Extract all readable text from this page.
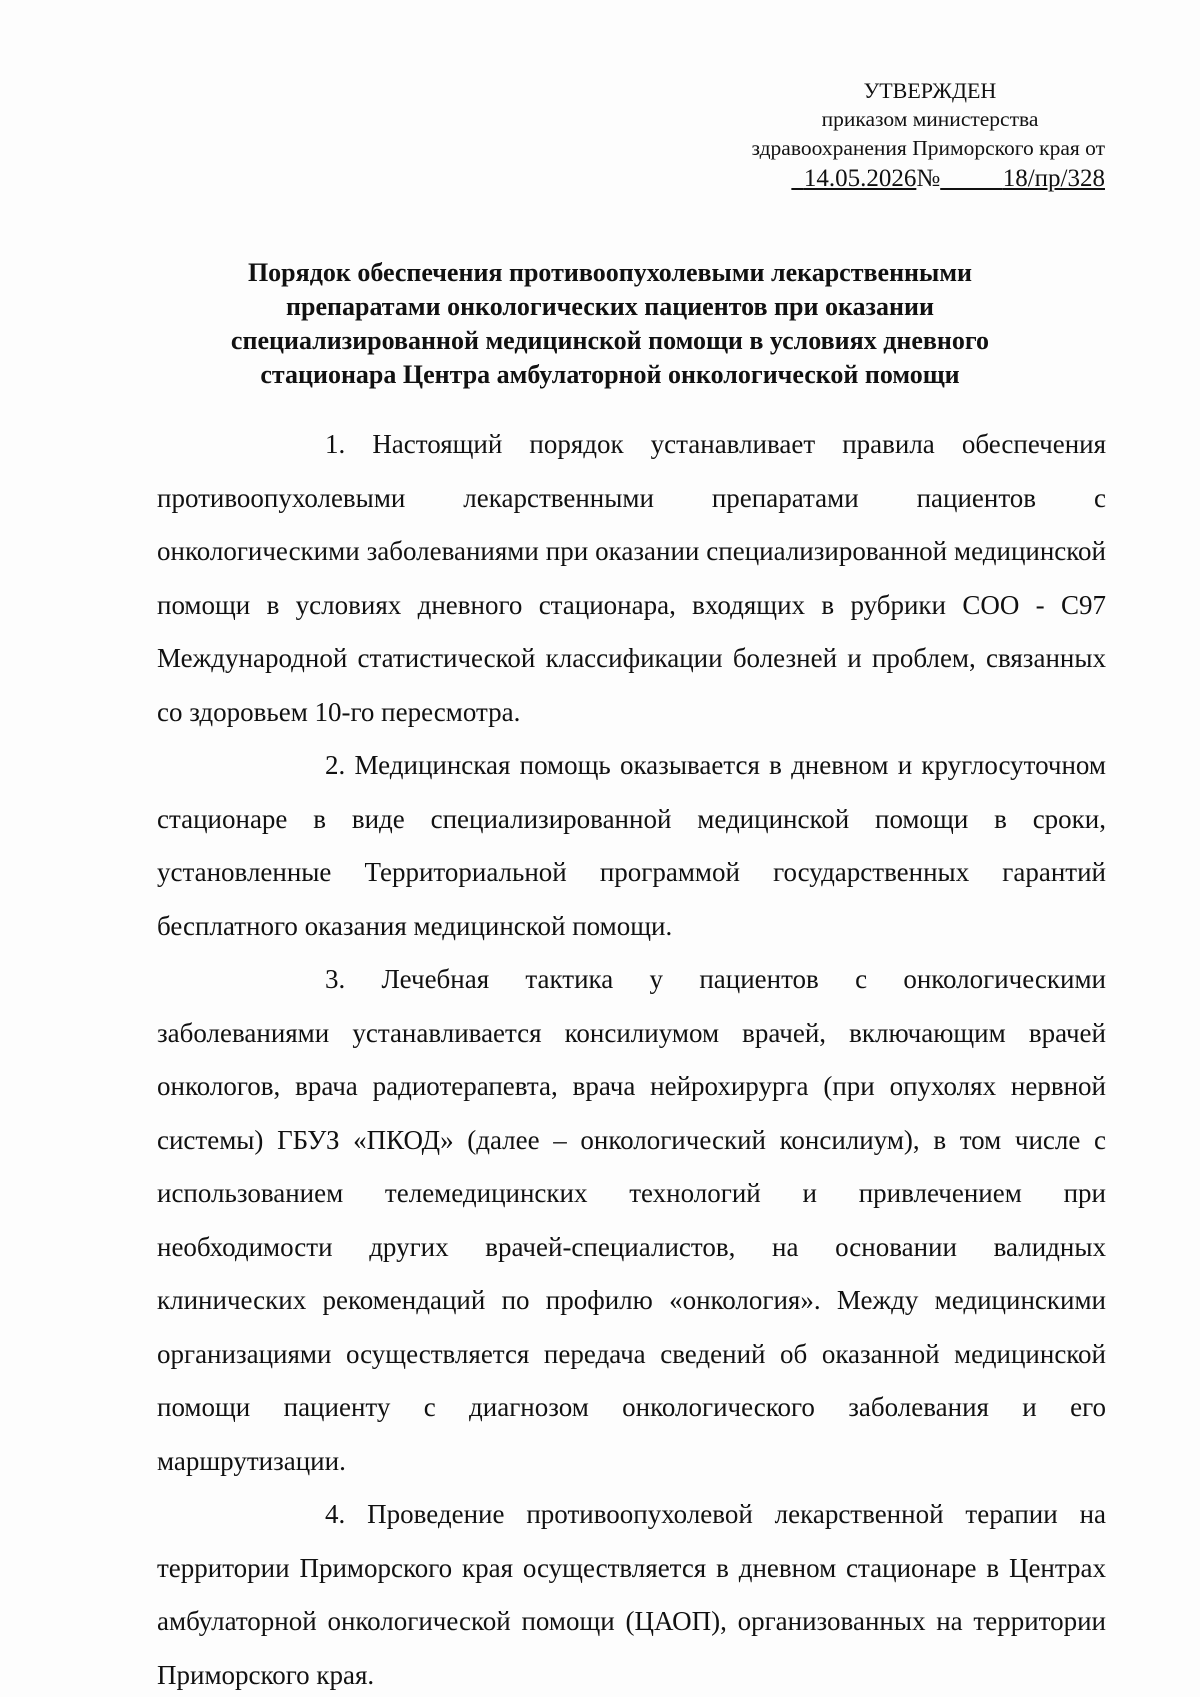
УТВЕРЖДЕН
приказом министерства
здравоохранения Приморского края от
14.05.2026№	18/пр/328
Порядок обеспечения противоопухолевыми лекарственными
препаратами онкологических пациентов при оказании
специализированной медицинской помощи в условиях дневного
стационара Центра амбулаторной онкологической помощи

1. Настоящий порядок устанавливает правила обеспечения противоопухолевыми лекарственными препаратами пациентов с онкологическими заболеваниями при оказании специализированной медицинской помощи в условиях дневного стационара, входящих в рубрики СОО - С97 Международной статистической классификации болезней и проблем, связанных со здоровьем 10-го пересмотра.

2. Медицинская помощь оказывается в дневном и круглосуточном стационаре в виде специализированной медицинской помощи в сроки, установленные Территориальной программой государственных гарантий бесплатного оказания медицинской помощи.

3. Лечебная тактика у пациентов с онкологическими заболеваниями устанавливается консилиумом врачей, включающим врачей онкологов, врача радиотерапевта, врача нейрохирурга (при опухолях нервной системы) ГБУЗ «ПКОД» (далее – онкологический консилиум), в том числе с использованием телемедицинских технологий и привлечением при необходимости других врачей-специалистов, на основании валидных клинических рекомендаций по профилю «онкология». Между медицинскими организациями осуществляется передача сведений об оказанной медицинской помощи пациенту с диагнозом онкологического заболевания и его маршрутизации.

4. Проведение противоопухолевой лекарственной терапии на территории Приморского края осуществляется в дневном стационаре в Центрах амбулаторной онкологической помощи (ЦАОП), организованных на территории Приморского края.
